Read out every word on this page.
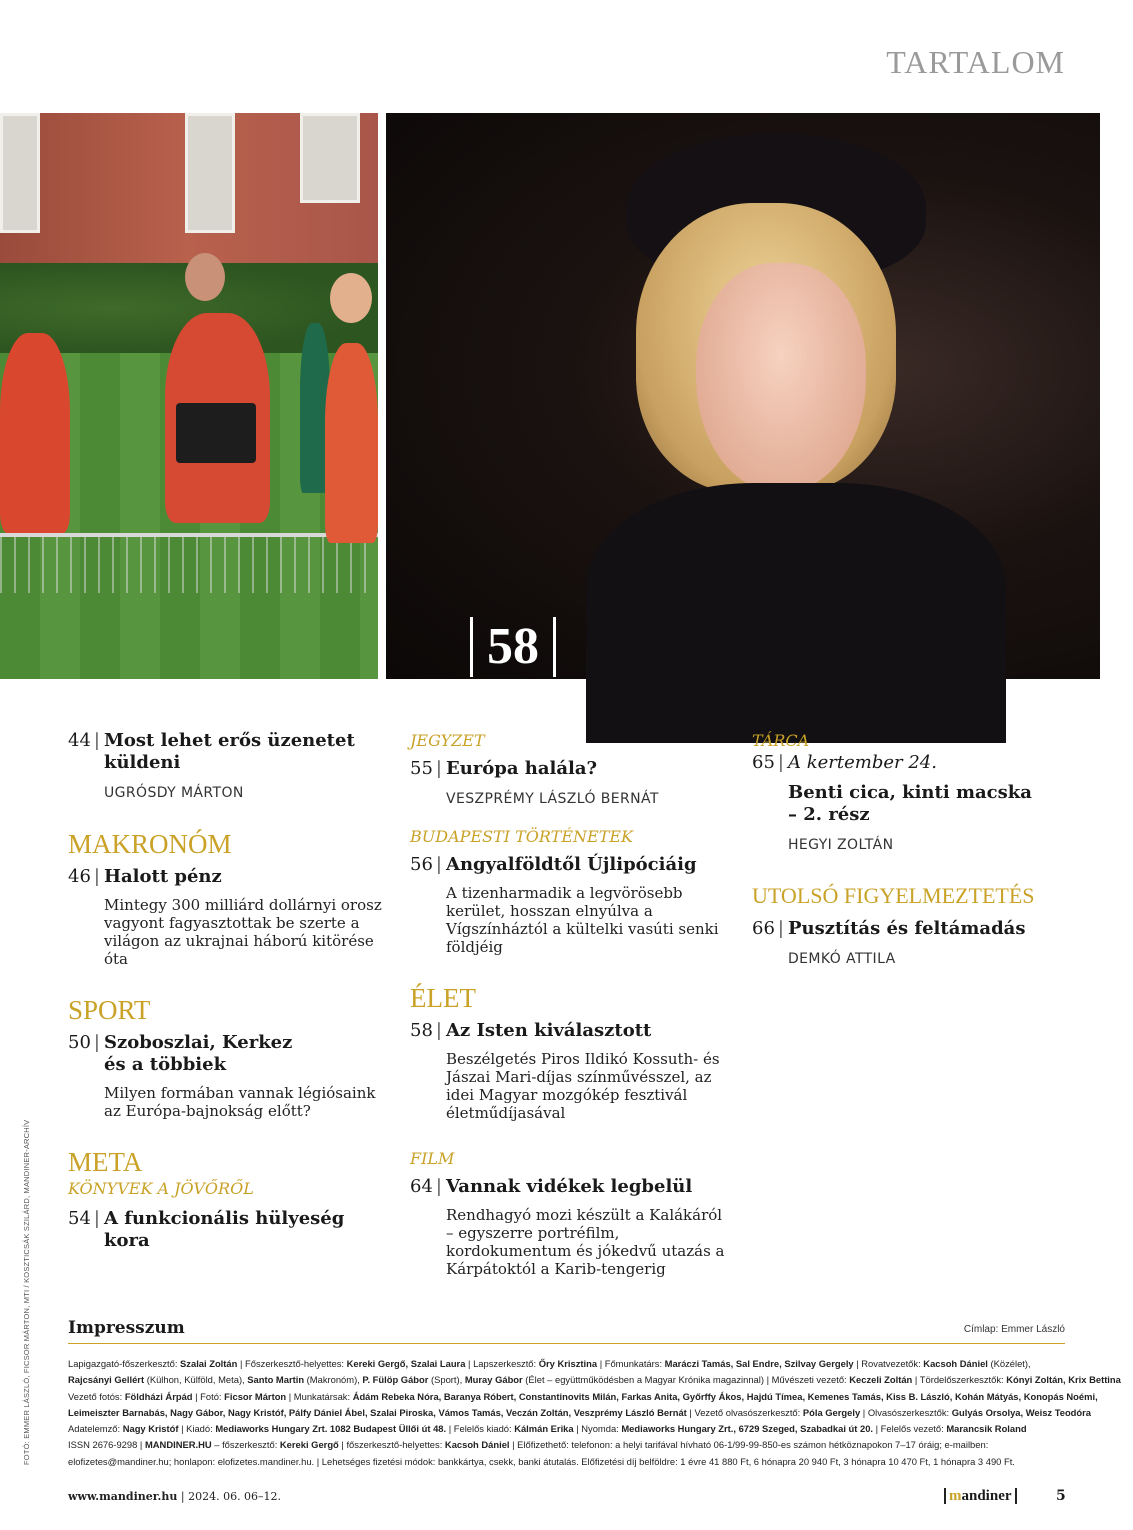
TARTALOM
58
44 | Most lehet erős üzenetet
küldeni
UGRÓSDY MÁRTON
MAKRONÓM
46 | Halott pénz
Mintegy 300 milliárd dollárnyi orosz vagyont fagyasztottak be szerte a világon az ukrajnai háború kitörése óta
SPORT
50 | Szoboszlai, Kerkez
és a többiek
Milyen formában vannak légiósaink az Európa-bajnokság előtt?
META
KÖNYVEK A JÖVŐRŐL
54 | A funkcionális hülyeség kora
JEGYZET
55 | Európa halála?
VESZPRÉMY LÁSZLÓ BERNÁT
BUDAPESTI TÖRTÉNETEK
56 | Angyalföldtől Újlipóciáig
A tizenharmadik a legvörösebb kerület, hosszan elnyúlva a Vígszínháztól a kültelki vasúti senki földjéig
ÉLET
58 | Az Isten kiválasztott
Beszélgetés Piros Ildikó Kossuth- és Jászai Mari-díjas színművésszel, az idei Magyar mozgókép fesztivál életműdíjasával
FILM
64 | Vannak vidékek legbelül
Rendhagyó mozi készült a Kalákáról – egyszerre portréfilm, kordokumentum és jókedvű utazás a Kárpátoktól a Karib-tengerig
TÁRCA
65 | A kertember 24.
Benti cica, kinti macska
– 2. rész
HEGYI ZOLTÁN
UTOLSÓ FIGYELMEZTETÉS
66 | Pusztítás és feltámadás
DEMKÓ ATTILA
Impresszum	Címlap: Emmer László

Lapigazgató-főszerkesztő: Szalai Zoltán | Főszerkesztő-helyettes: Kereki Gergő, Szalai Laura | Lapszerkesztő: Őry Krisztina | Főmunkatárs: Maráczi Tamás, Sal Endre, Szilvay Gergely | Rovatvezetők: Kacsoh Dániel (Közélet),

Rajcsányi Gellért (Külhon, Külföld, Meta), Santo Martin (Makronóm), P. Fülöp Gábor (Sport), Muray Gábor (Élet – együttműködésben a Magyar Krónika magazinnal) | Művészeti vezető: Keczeli Zoltán | Tördelőszerkesztők: Kónyi Zoltán, Krix Bettina

Vezető fotós: Földházi Árpád | Fotó: Ficsor Márton | Munkatársak: Ádám Rebeka Nóra, Baranya Róbert, Constantinovits Milán, Farkas Anita, Győrffy Ákos, Hajdú Tímea, Kemenes Tamás, Kiss B. László, Kohán Mátyás, Konopás Noémi,

Leimeiszter Barnabás, Nagy Gábor, Nagy Kristóf, Pálfy Dániel Ábel, Szalai Piroska, Vámos Tamás, Veczán Zoltán, Veszprémy László Bernát | Vezető olvasószerkesztő: Póla Gergely | Olvasószerkesztők: Gulyás Orsolya, Weisz Teodóra

Adatelemző: Nagy Kristóf | Kiadó: Mediaworks Hungary Zrt. 1082 Budapest Üllői út 48. | Felelős kiadó: Kálmán Erika | Nyomda: Mediaworks Hungary Zrt., 6729 Szeged, Szabadkai út 20. | Felelős vezető: Marancsik Roland

ISSN 2676-9298 | MANDINER.HU – főszerkesztő: Kereki Gergő | főszerkesztő-helyettes: Kacsoh Dániel | Előfizethető: telefonon: a helyi tarifával hívható 06-1/99-99-850-es számon hétköznapokon 7–17 óráig; e-mailben:

elofizetes@mandiner.hu; honlapon: elofizetes.mandiner.hu. | Lehetséges fizetési módok: bankkártya, csekk, banki átutalás. Előfizetési díj belföldre: 1 évre 41 880 Ft, 6 hónapra 20 940 Ft, 3 hónapra 10 470 Ft, 1 hónapra 3 490 Ft.

FOTÓ: EMMER LÁSZLÓ, FICSOR MÁRTON, MTI / KOSZTICSÁK SZILÁRD, MANDINER-ARCHÍV
www.mandiner.hu | 2024. 06. 06–12.	mandiner	5
